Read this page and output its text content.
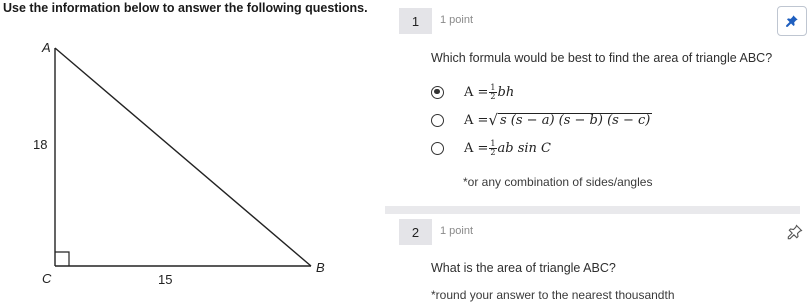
Use the information below to answer the following questions.
A
B
C
18
15
1	1 point
Which formula would be best to find the area of triangle ABC?
$A = \frac{1}{2}$ bh
A = √ s (s − a) (s − b) (s − c)
$A = \frac{1}{2}$ ab sin C
*or any combination of sides/angles
2	1 point
What is the area of triangle ABC?
*round your answer to the nearest thousandth
